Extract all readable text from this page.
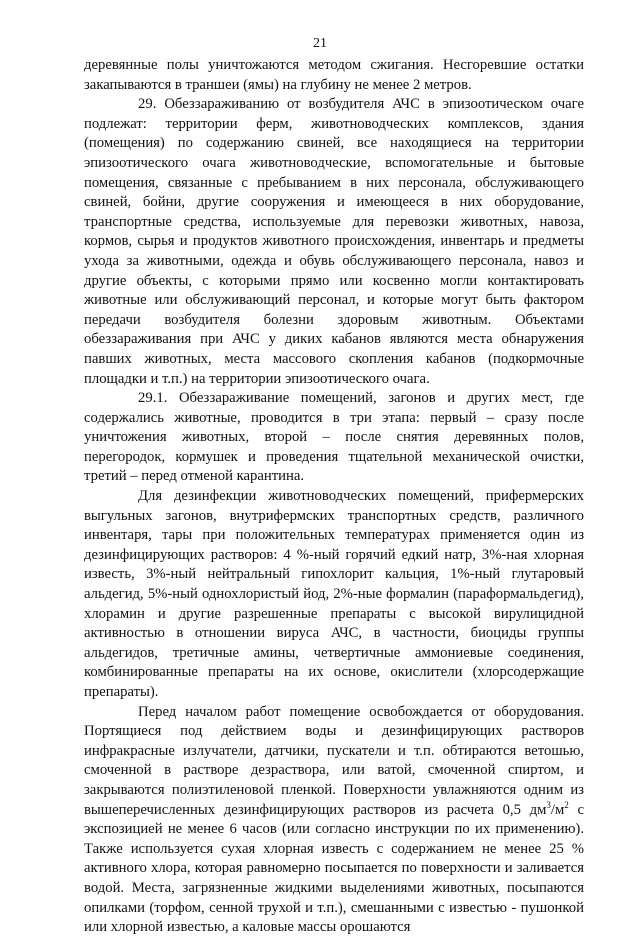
21

деревянные полы уничтожаются методом сжигания. Несгоревшие остатки закапываются в траншеи (ямы) на глубину не менее 2 метров.

29. Обеззараживанию от возбудителя АЧС в эпизоотическом очаге подлежат: территории ферм, животноводческих комплексов, здания (помещения) по содержанию свиней, все находящиеся на территории эпизоотического очага животноводческие, вспомогательные и бытовые помещения, связанные с пребыванием в них персонала, обслуживающего свиней, бойни, другие сооружения и имеющееся в них оборудование, транспортные средства, используемые для перевозки животных, навоза, кормов, сырья и продуктов животного происхождения, инвентарь и предметы ухода за животными, одежда и обувь обслуживающего персонала, навоз и другие объекты, с которыми прямо или косвенно могли контактировать животные или обслуживающий персонал, и которые могут быть фактором передачи возбудителя болезни здоровым животным. Объектами обеззараживания при АЧС у диких кабанов являются места обнаружения павших животных, места массового скопления кабанов (подкормочные площадки и т.п.) на территории эпизоотического очага.

29.1. Обеззараживание помещений, загонов и других мест, где содержались животные, проводится в три этапа: первый – сразу после уничтожения животных, второй – после снятия деревянных полов, перегородок, кормушек и проведения тщательной механической очистки, третий – перед отменой карантина.

Для дезинфекции животноводческих помещений, прифермерских выгульных загонов, внутрифермских транспортных средств, различного инвентаря, тары при положительных температурах применяется один из дезинфицирующих растворов: 4 %-ный горячий едкий натр, 3%-ная хлорная известь, 3%-ный нейтральный гипохлорит кальция, 1%-ный глутаровый альдегид, 5%-ный однохлористый йод, 2%-ные формалин (параформальдегид), хлорамин и другие разрешенные препараты с высокой вирулицидной активностью в отношении вируса АЧС, в частности, биоциды группы альдегидов, третичные амины, четвертичные аммониевые соединения, комбинированные препараты на их основе, окислители (хлорсодержащие препараты).

Перед началом работ помещение освобождается от оборудования. Портящиеся под действием воды и дезинфицирующих растворов инфракрасные излучатели, датчики, пускатели и т.п. обтираются ветошью, смоченной в растворе дезраствора, или ватой, смоченной спиртом, и закрываются полиэтиленовой пленкой. Поверхности увлажняются одним из вышеперечисленных дезинфицирующих растворов из расчета 0,5 $дм^3/м^2$ с экспозицией не менее 6 часов (или согласно инструкции по их применению). Также используется сухая хлорная известь с содержанием не менее 25 % активного хлора, которая равномерно посыпается по поверхности и заливается водой. Места, загрязненные жидкими выделениями животных, посыпаются опилками (торфом, сенной трухой и т.п.), смешанными с известью - пушонкой или хлорной известью, а каловые массы орошаются
